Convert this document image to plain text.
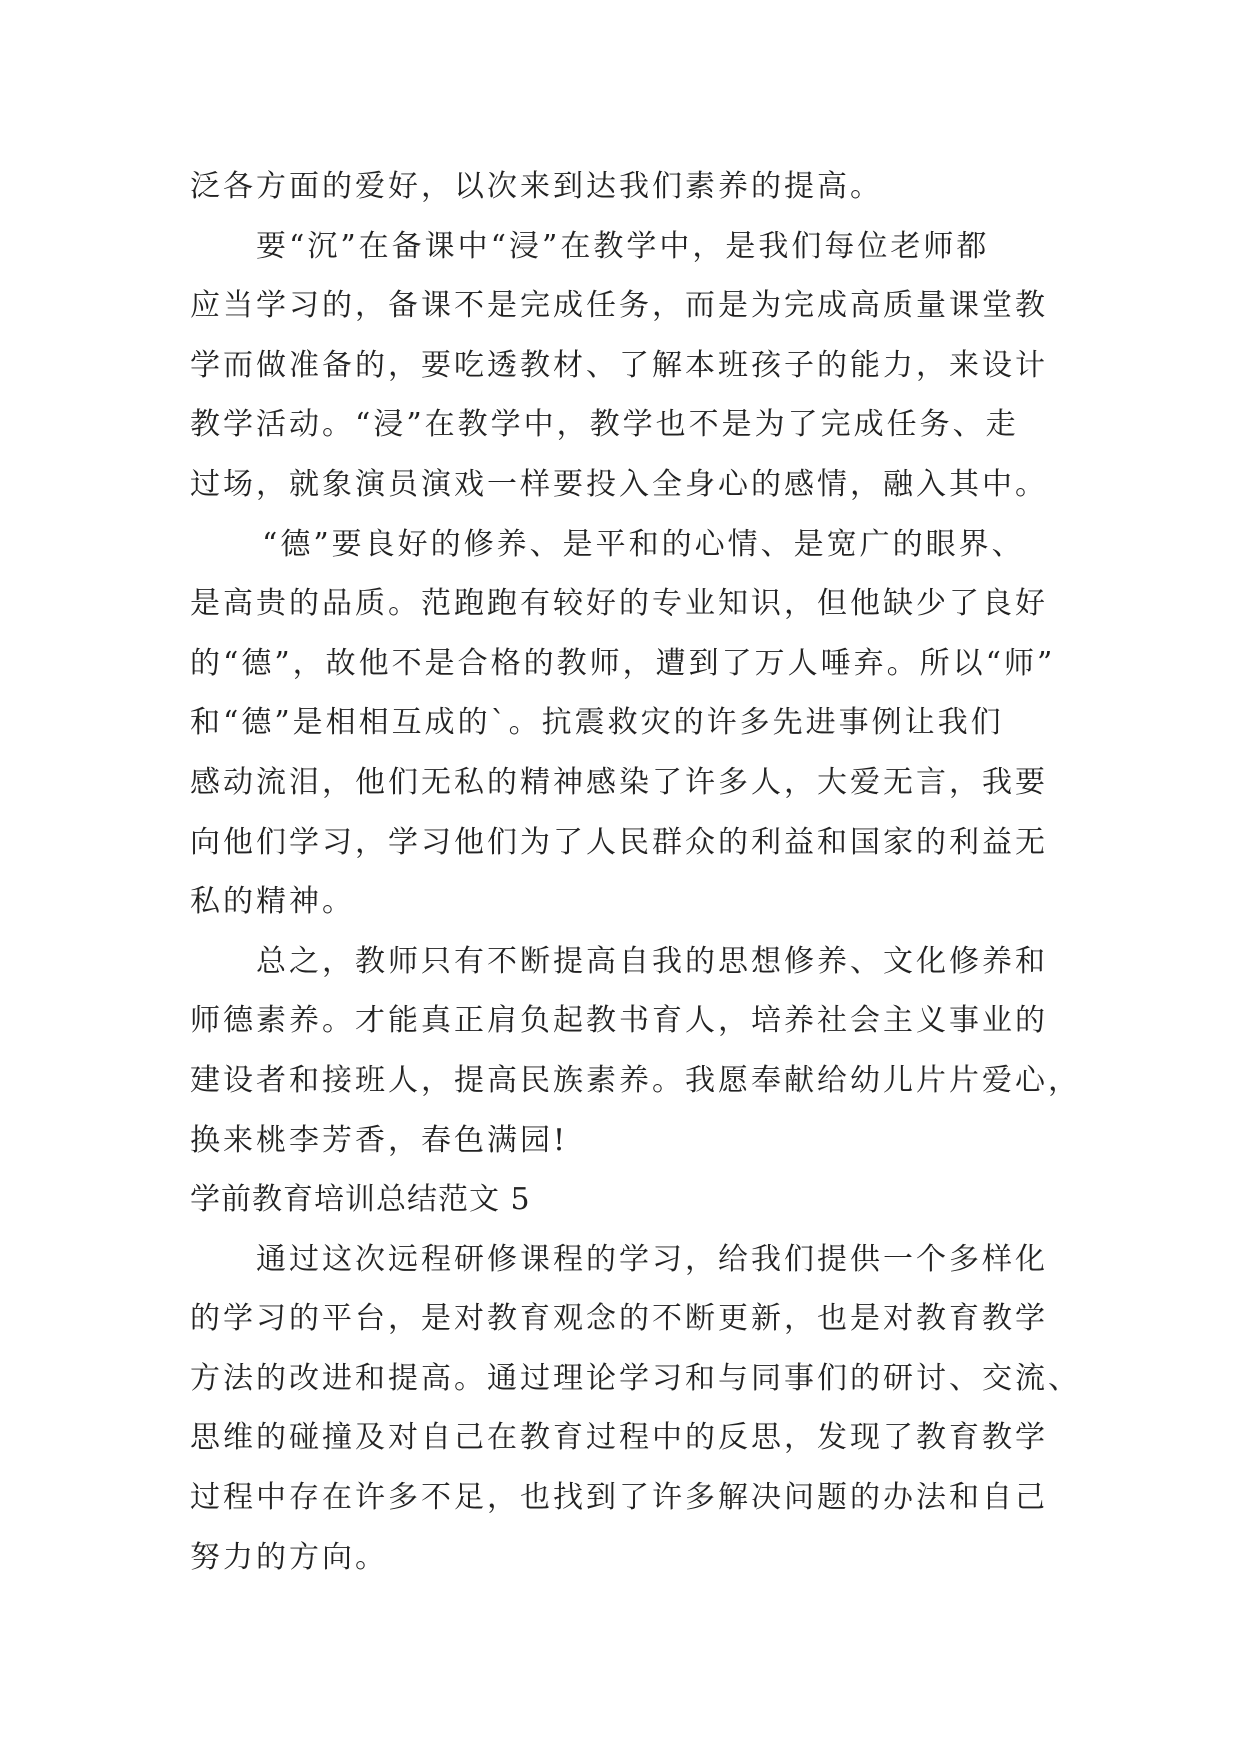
泛各方面的爱好，以次来到达我们素养的提高。
要“沉”在备课中“浸”在教学中，是我们每位老师都
应当学习的，备课不是完成任务，而是为完成高质量课堂教
学而做准备的，要吃透教材、了解本班孩子的能力，来设计
教学活动。“浸”在教学中，教学也不是为了完成任务、走
过场，就象演员演戏一样要投入全身心的感情，融入其中。
“德”要良好的修养、是平和的心情、是宽广的眼界、
是高贵的品质。范跑跑有较好的专业知识，但他缺少了良好
的“德”，故他不是合格的教师，遭到了万人唾弃。所以“师”
和“德”是相相互成的`。抗震救灾的许多先进事例让我们
感动流泪，他们无私的精神感染了许多人，大爱无言，我要
向他们学习，学习他们为了人民群众的利益和国家的利益无
私的精神。
总之，教师只有不断提高自我的思想修养、文化修养和
师德素养。才能真正肩负起教书育人，培养社会主义事业的
建设者和接班人，提高民族素养。我愿奉献给幼儿片片爱心，
换来桃李芳香，春色满园!
学前教育培训总结范文 5
通过这次远程研修课程的学习，给我们提供一个多样化
的学习的平台，是对教育观念的不断更新，也是对教育教学
方法的改进和提高。通过理论学习和与同事们的研讨、交流、
思维的碰撞及对自己在教育过程中的反思，发现了教育教学
过程中存在许多不足，也找到了许多解决问题的办法和自己
努力的方向。
